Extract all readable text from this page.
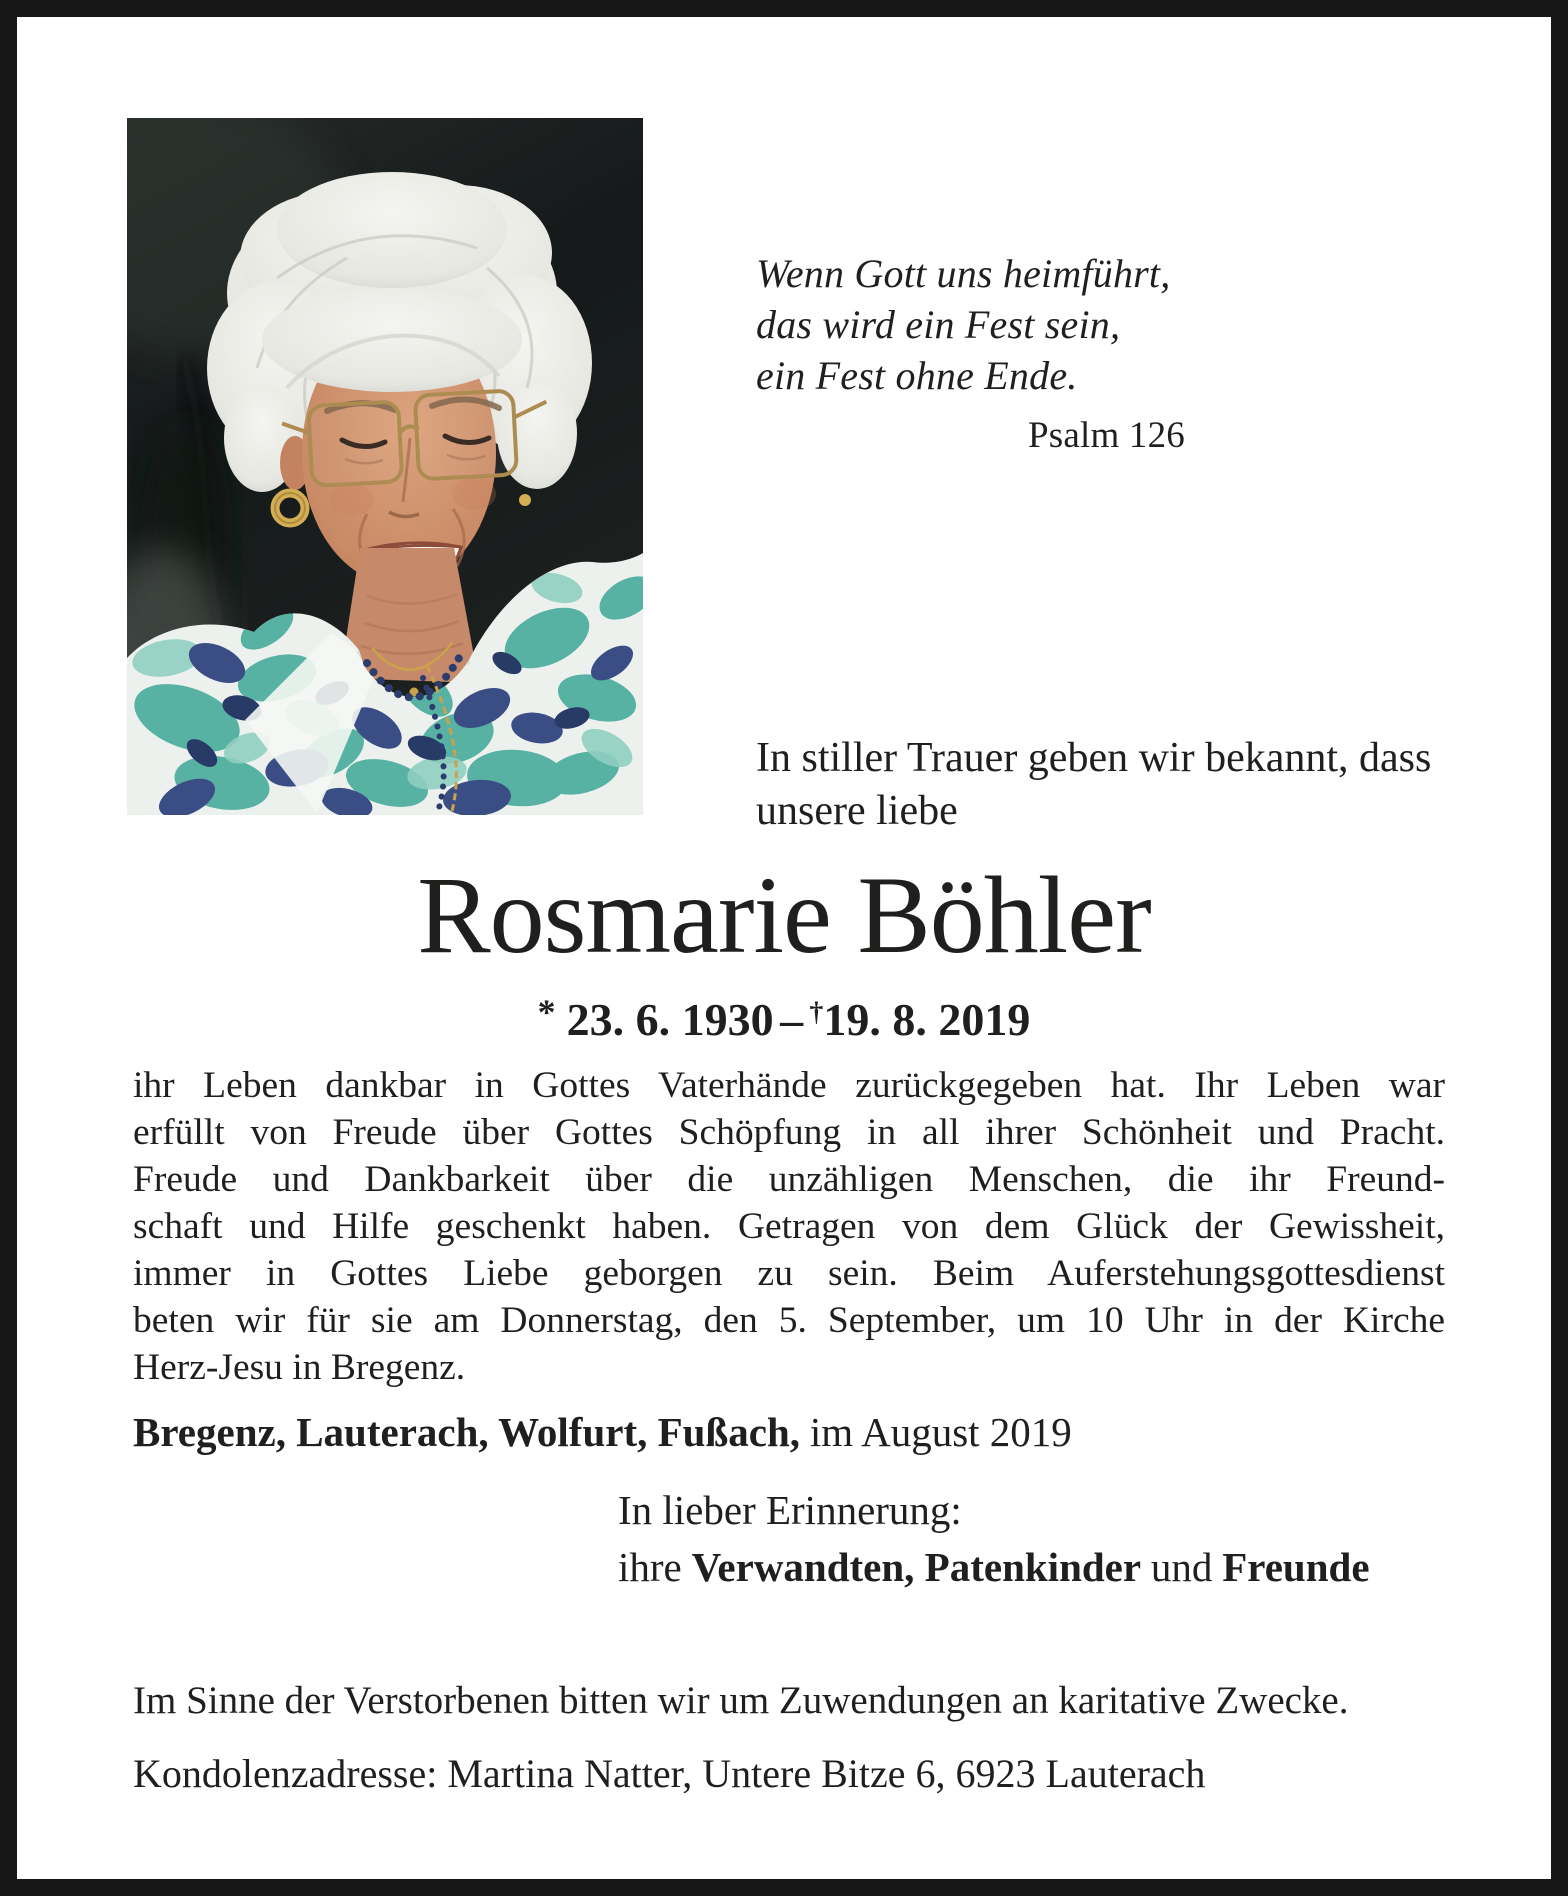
Wenn Gott uns heimführt,
das wird ein Fest sein,
ein Fest ohne Ende.
Psalm 126
In stiller Trauer geben wir bekannt, dass
unsere liebe
Rosmarie Böhler
* 23. 6. 1930 – †19. 8. 2019
ihr Leben dankbar in Gottes Vaterhände zurückgegeben hat. Ihr Leben war
erfüllt von Freude über Gottes Schöpfung in all ihrer Schönheit und Pracht.
Freude und Dankbarkeit über die unzähligen Menschen, die ihr Freund-
schaft und Hilfe geschenkt haben. Getragen von dem Glück der Gewissheit,
immer in Gottes Liebe geborgen zu sein. Beim Auferstehungsgottesdienst
beten wir für sie am Donnerstag, den 5. September, um 10 Uhr in der Kirche
Herz-Jesu in Bregenz.
Bregenz, Lauterach, Wolfurt, Fußach, im August 2019
In lieber Erinnerung:
ihre Verwandten, Patenkinder und Freunde
Im Sinne der Verstorbenen bitten wir um Zuwendungen an karitative Zwecke.
Kondolenzadresse: Martina Natter, Untere Bitze 6, 6923 Lauterach
